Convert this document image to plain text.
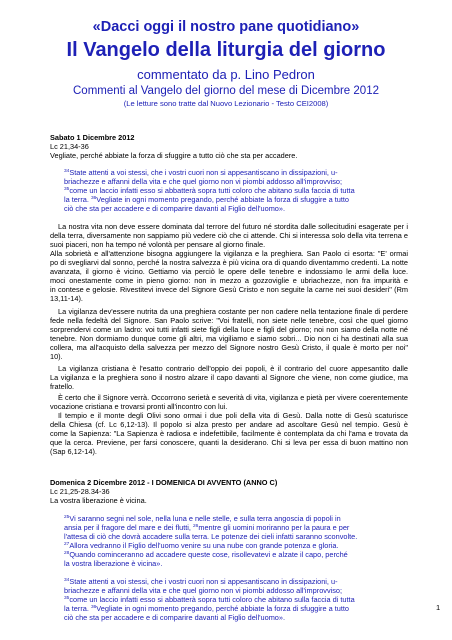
«Dacci oggi il nostro pane quotidiano»
Il Vangelo della liturgia del giorno
commentato da p. Lino Pedron
Commenti al Vangelo del giorno del mese di Dicembre 2012
(Le letture sono tratte dal Nuovo Lezionario - Testo CEI2008)
Sabato 1 Dicembre 2012
Lc 21,34-36
Vegliate, perché abbiate la forza di sfuggire a tutto ciò che sta per accadere.
$^{34}$State attenti a voi stessi, che i vostri cuori non si appesantiscano in dissipazioni, u-
briachezze e affanni della vita e che quel giorno non vi piombi addosso all'improvviso;
$^{35}$come un laccio infatti esso si abbatterà sopra tutti coloro che abitano sulla faccia di tutta
la terra. $^{36}$Vegliate in ogni momento pregando, perché abbiate la forza di sfuggire a tutto
ciò che sta per accadere e di comparire davanti al Figlio dell'uomo».
La nostra vita non deve essere dominata dal terrore del futuro né stordita dalle sollecitudini esagerate per i
della terra, diversamente non sappiamo più vedere ciò che ci attende. Chi si interessa solo della vita terrena e
suoi piaceri, non ha tempo né volontà per pensare al giorno finale.
Alla sobrietà e all'attenzione bisogna aggiungere la vigilanza e la preghiera. San Paolo ci esorta: "E' ormai
po di svegliarvi dal sonno, perché la nostra salvezza è più vicina ora di quando diventammo credenti. La notte
avanzata, il giorno è vicino. Gettiamo via perciò le opere delle tenebre e indossiamo le armi della luce.
moci onestamente come in pieno giorno: non in mezzo a gozzoviglie e ubriachezze, non fra impurità e
in contese e gelosie. Rivestitevi invece del Signore Gesù Cristo e non seguite la carne nei suoi desideri" (Rm
13,11-14).
La vigilanza dev'essere nutrita da una preghiera costante per non cadere nella tentazione finale di perdere
fede nella fedeltà del Signore. San Paolo scrive: "Voi fratelli, non siete nelle tenebre, così che quel giorno
sorprendervi come un ladro: voi tutti infatti siete figli della luce e figli del giorno; noi non siamo della notte né
tenebre. Non dormiamo dunque come gli altri, ma vigiliamo e siamo sobri... Dio non ci ha destinati alla sua
collera, ma all'acquisto della salvezza per mezzo del Signore nostro Gesù Cristo, il quale è morto per noi"
10).
La vigilanza cristiana è l'esatto contrario dell'oppio dei popoli, è il contrario del cuore appesantito dalle
La vigilanza e la preghiera sono il nostro alzare il capo davanti al Signore che viene, non come giudice, ma
fratello.
È certo che il Signore verrà. Occorrono serietà e severità di vita, vigilanza e pietà per vivere coerentemente
vocazione cristiana e trovarsi pronti all'incontro con lui.
Il tempio e il monte degli Olivi sono ormai i due poli della vita di Gesù. Dalla notte di Gesù scaturisce
della Chiesa (cf. Lc 6,12-13). Il popolo si alza presto per andare ad ascoltare Gesù nel tempio. Gesù è
come la Sapienza: "La Sapienza è radiosa e indefettibile, facilmente è contemplata da chi l'ama e trovata da
que la cerca. Previene, per farsi conoscere, quanti la desiderano. Chi si leva per essa di buon mattino non
(Sap 6,12-14).
Domenica 2 Dicembre 2012 - I DOMENICA DI AVVENTO (ANNO C)
Lc 21,25-28.34-36
La vostra liberazione è vicina.
$^{25}$Vi saranno segni nel sole, nella luna e nelle stelle, e sulla terra angoscia di popoli in
ansia per il fragore del mare e dei flutti, $^{26}$mentre gli uomini moriranno per la paura e per
l'attesa di ciò che dovrà accadere sulla terra. Le potenze dei cieli infatti saranno sconvolte.
$^{27}$Allora vedranno il Figlio dell'uomo venire su una nube con grande potenza e gloria.
$^{28}$Quando cominceranno ad accadere queste cose, risollevatevi e alzate il capo, perché
la vostra liberazione è vicina».
$^{34}$State attenti a voi stessi, che i vostri cuori non si appesantiscano in dissipazioni, u-
briachezze e affanni della vita e che quel giorno non vi piombi addosso all'improvviso;
$^{35}$come un laccio infatti esso si abbatterà sopra tutti coloro che abitano sulla faccia di tutta
la terra. $^{36}$Vegliate in ogni momento pregando, perché abbiate la forza di sfuggire a tutto
ciò che sta per accadere e di comparire davanti al Figlio dell'uomo».
1
